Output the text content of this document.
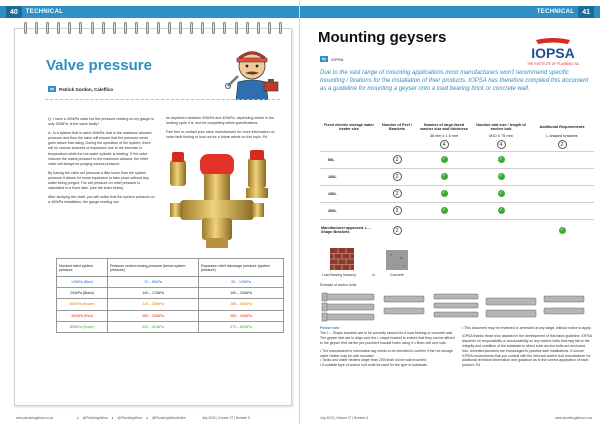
40	TECHNICAL
Valve pressure
by	Patrick Gordon, Caleffico

Q: I have a 400kPa valve but the pressure reading on my gauge is only 300kPa, is the valve faulty?

A: In a system that is rated 400kPa, that is the maximum allowed pressure and thus the valve will ensure that the pressure never goes above that rating. During the operation of the system, there will be various amounts of expansion due to the increase in temperature while the hot water cylinder is heating. If the valve reduces the mains pressure to the maximum allowed, the relief valve will always be purging excess pressure.

By having the valve set pressure a little lower than the system pressure it allows for some expansion to take place without any water being purged. The set pressure on relief pressure is calculated to a fixed ratio. (see the chart below)

After studying the chart, you will notice that the system pressure on a 400kPa installation, the gauge reading can

be anywhere between 200kPa and 400kPa, depending where in the heating cycle it is, and be completely within specifications.

Feel free to contact your valve manufacturer for more information on valve fault finding or look out for a future article on this topic. PA

Nominal rated system pressure	Pressure control closing pressure (below system pressure)	Expansion relief discharge pressure (system pressure)
100kPa (Blue)	70 – 85kPa	95 – 100kPa
200kPa (Black)	140 – 170kPa	190 – 200kPa
300kPa (Brown)	210 – 255kPa	285 – 300kPa
400kPa (Red)	280 – 340kPa	380 – 400kPa
600kPa (Green)	420 – 510kPa	570 – 600kPa
www.plumbingafrica.co.za	● @PlumbingAfrica ● @PlumbingAfrica ● @PlumbingAfricaOnline	July 2020 | Volume 27 | Number 5
TECHNICAL	41
Mounting geysers
by	IOPSA	IOPSA
THE INSTITUTE OF PLUMBING SA
Due to the vast range of mounting applications most manufacturers won't recommend specific mounting / fixations for the installation of their products. IOPSA has therefore compiled this document as a guideline for mounting a geyser onto a load bearing brick or concrete wall.
Fixed electric storage water heater size	Number of Feet / Brackets	Number of large-faced washer size and thickness	Number and size / length of anchor bolt	Additional Requirements
		36 mm x 1.5 mm	M10 X 75 mm	L-shaped brackets
		4	4	2
50L	2	✓	✓	
100L	2	✓	✓	
150L	2	✓	✓	
200L	2	✓	✓	
Manufacturer approved. L – Shape Brackets	2			✓
Load Bearing Masonry	or	Concrete
Example of anchor bolts
Please note
The L – Shape brackets are to be correctly secured to a load bearing or concrete wall. The geyser feet are to align over the L shape bracket to ensure that they can be affixed to the geyser feet via the pre-punched bracket holes using 4 x 8mm bolt and nuts.
• The manufacturer's information tag needs to be checked to confirm if the hot storage water heater may be wall mounted.
• Tanks and water heaters larger than 200l shall not be wall mounted.
• A suitable type of anchor bolt must be used for the type of substrate.
• This document may be reviewed or amended at any stage, without notice to apply.
IOPSA thanks those who assisted in the development of this basic guideline. IOPSA assumes no responsibility or accountability on any anchor bolts that may fail or the integrity and condition of the substrate to which such anchor bolts are anchored into. Unvetted plumbers are encouraged to practice safe installations. If unsure IOPSA recommends that you consult with the relevant anchor bolt manufacturer for additional technical information and guidance as to the correct application of each product. PA
July 2020 | Volume 27 | Number 5	www.plumbingafrica.co.za
